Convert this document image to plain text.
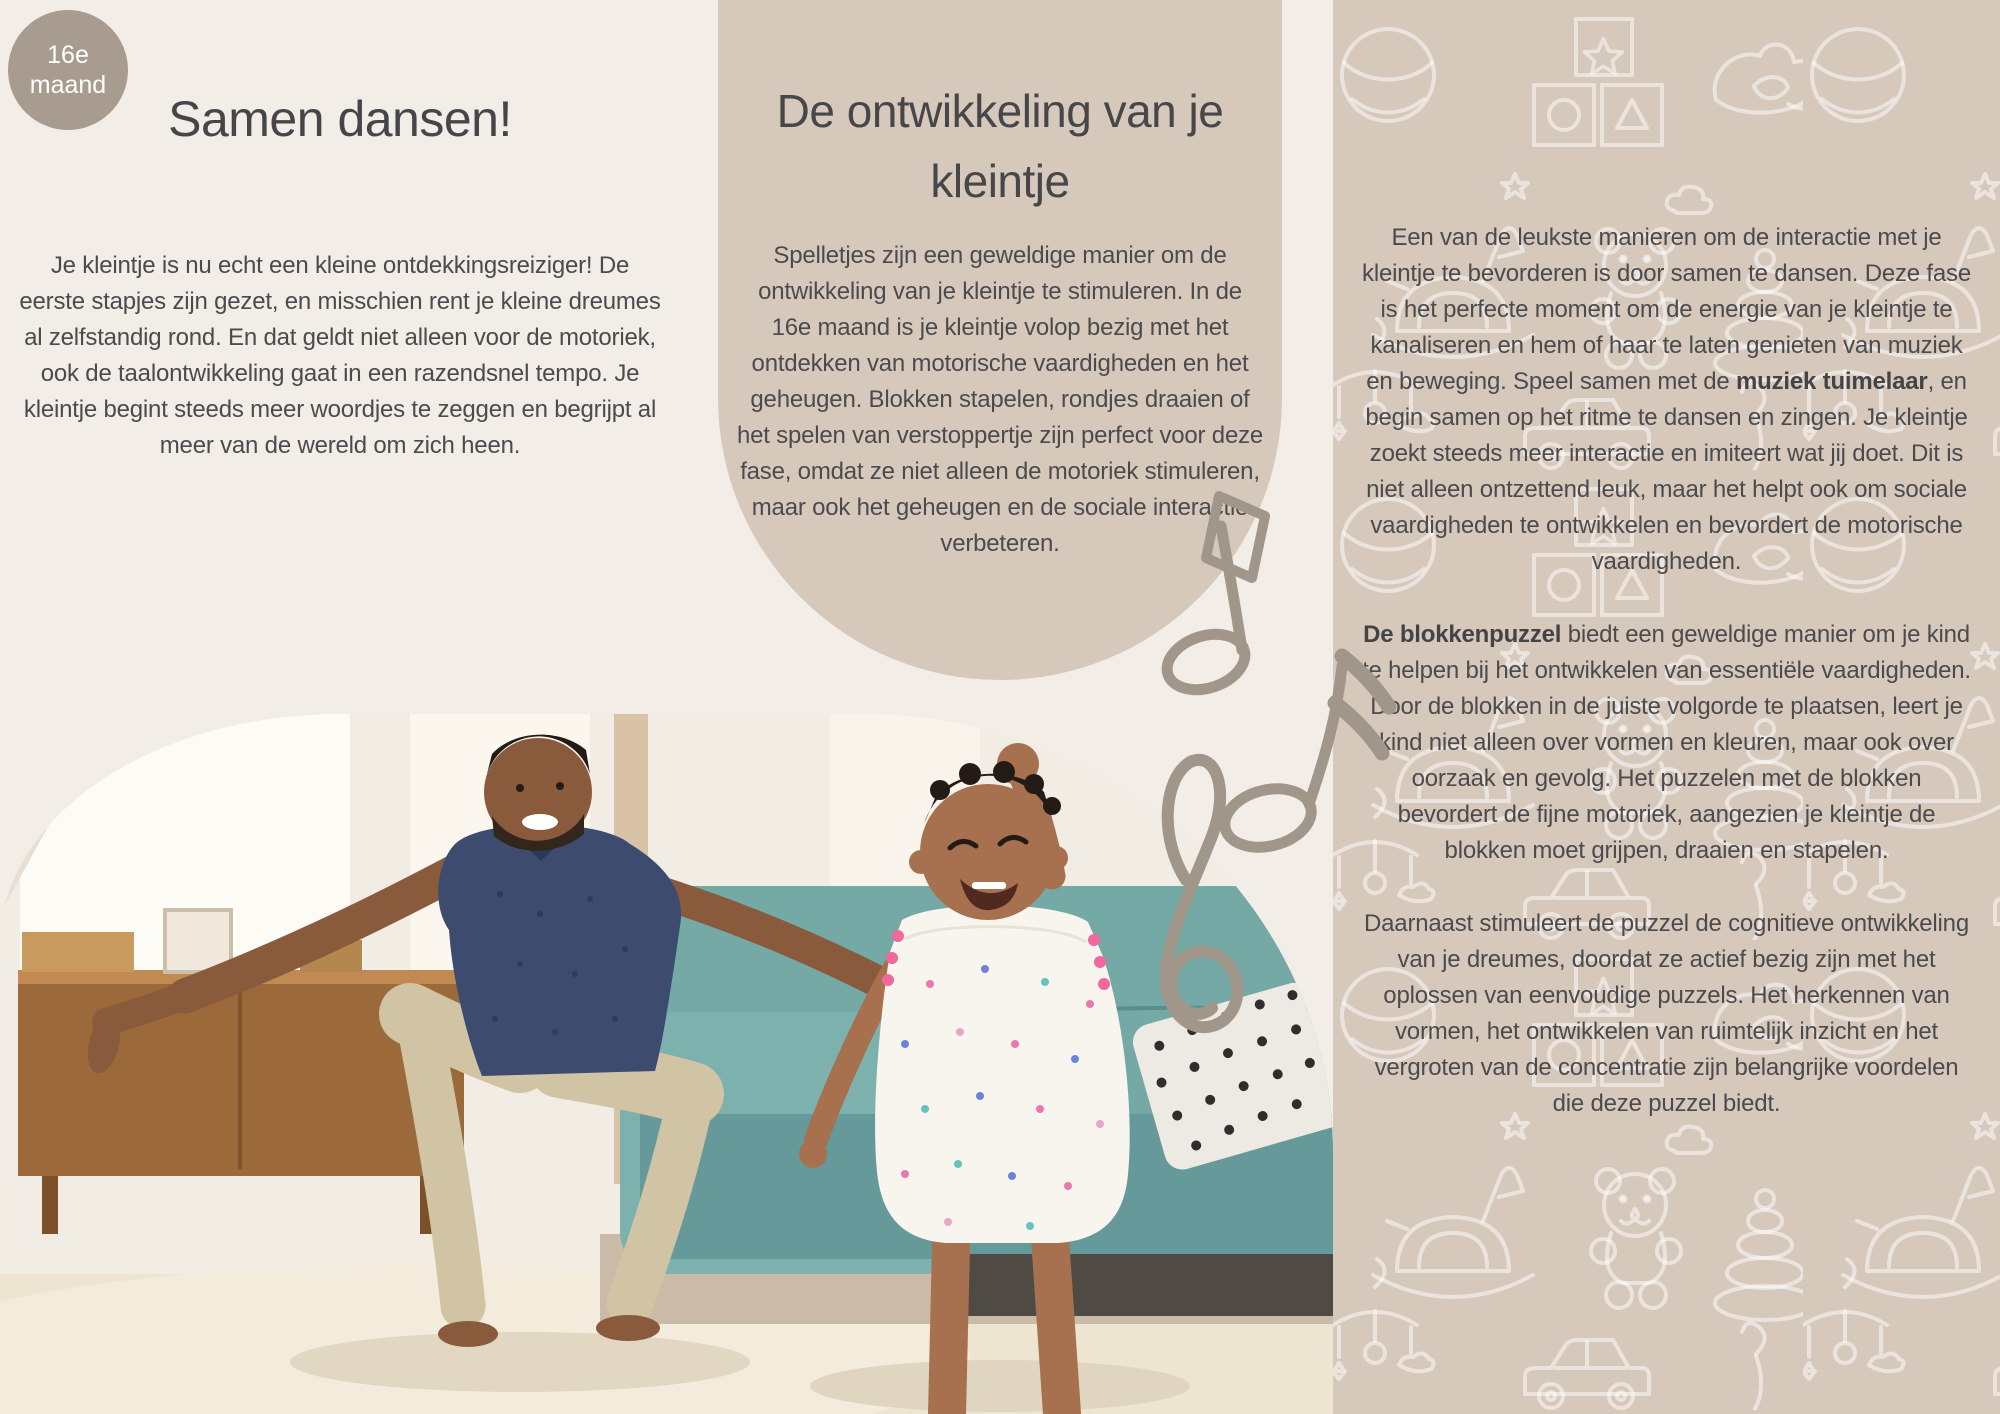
16e
maand
Samen dansen!

Je kleintje is nu echt een kleine ontdekkingsreiziger! De eerste stapjes zijn gezet, en misschien rent je kleine dreumes al zelfstandig rond. En dat geldt niet alleen voor de motoriek, ook de taalontwikkeling gaat in een razendsnel tempo. Je kleintje begint steeds meer woordjes te zeggen en begrijpt al meer van de wereld om zich heen.

De ontwikkeling van je kleintje

Spelletjes zijn een geweldige manier om de ontwikkeling van je kleintje te stimuleren. In de 16e maand is je kleintje volop bezig met het ontdekken van motorische vaardigheden en het geheugen. Blokken stapelen, rondjes draaien of het spelen van verstoppertje zijn perfect voor deze fase, omdat ze niet alleen de motoriek stimuleren, maar ook het geheugen en de sociale interactie verbeteren.

Een van de leukste manieren om de interactie met je kleintje te bevorderen is door samen te dansen. Deze fase is het perfecte moment om de energie van je kleintje te kanaliseren en hem of haar te laten genieten van muziek en beweging. Speel samen met de muziek tuimelaar, en begin samen op het ritme te dansen en zingen. Je kleintje zoekt steeds meer interactie en imiteert wat jij doet. Dit is niet alleen ontzettend leuk, maar het helpt ook om sociale vaardigheden te ontwikkelen en bevordert de motorische vaardigheden.

De blokkenpuzzel biedt een geweldige manier om je kind te helpen bij het ontwikkelen van essentiële vaardigheden. Door de blokken in de juiste volgorde te plaatsen, leert je kind niet alleen over vormen en kleuren, maar ook over oorzaak en gevolg. Het puzzelen met de blokken bevordert de fijne motoriek, aangezien je kleintje de blokken moet grijpen, draaien en stapelen.

Daarnaast stimuleert de puzzel de cognitieve ontwikkeling van je dreumes, doordat ze actief bezig zijn met het oplossen van eenvoudige puzzels. Het herkennen van vormen, het ontwikkelen van ruimtelijk inzicht en het vergroten van de concentratie zijn belangrijke voordelen die deze puzzel biedt.
